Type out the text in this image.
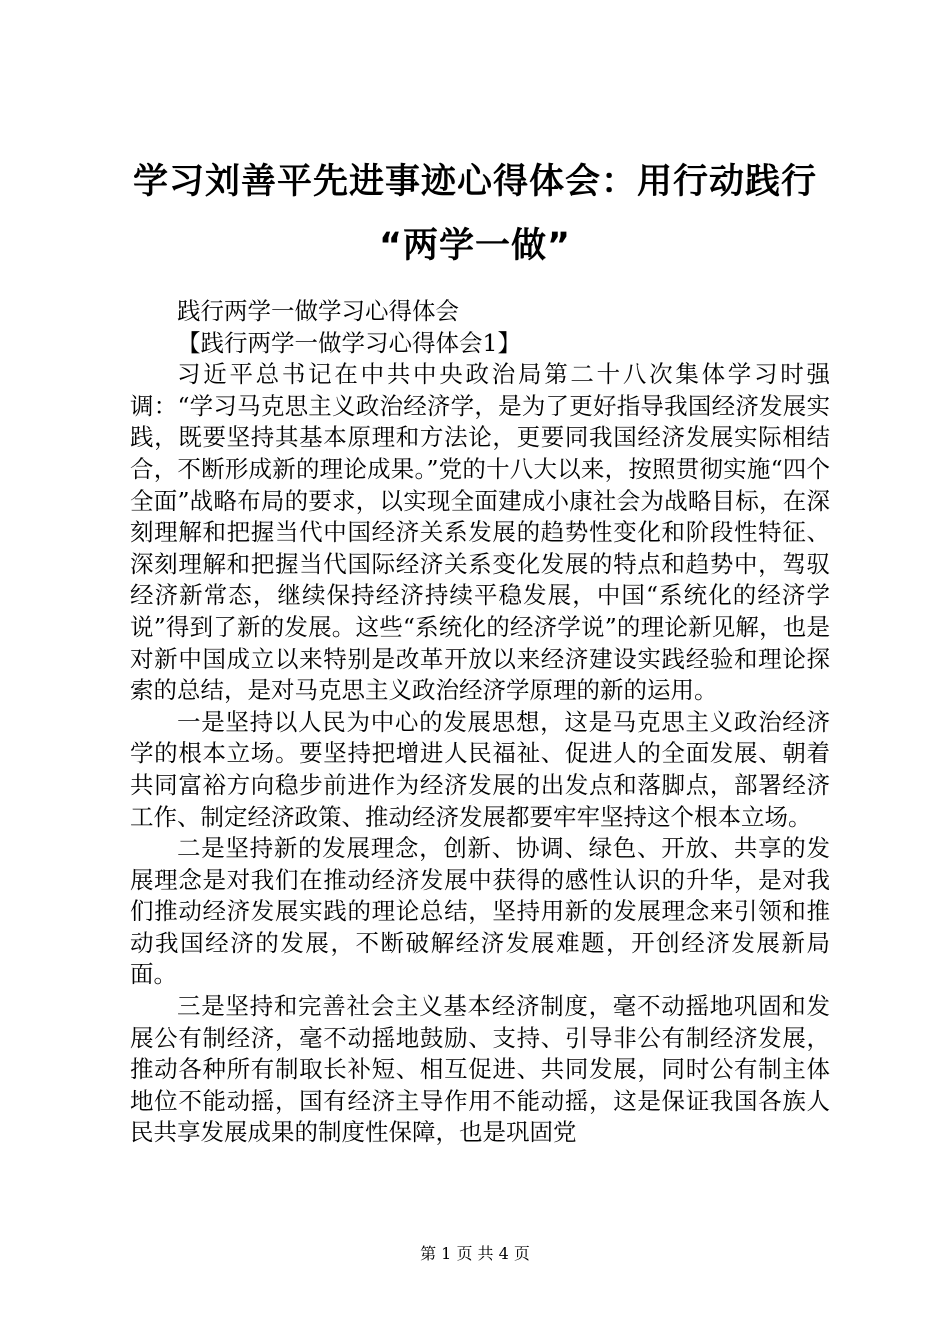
学习刘善平先进事迹心得体会：用行动践行
“两学一做”

践行两学一做学习心得体会

【践行两学一做学习心得体会1】

习近平总书记在中共中央政治局第二十八次集体学习时强调：“学习马克思主义政治经济学，是为了更好指导我国经济发展实践，既要坚持其基本原理和方法论，更要同我国经济发展实际相结合，不断形成新的理论成果。”党的十八大以来，按照贯彻实施“四个全面”战略布局的要求，以实现全面建成小康社会为战略目标，在深刻理解和把握当代中国经济关系发展的趋势性变化和阶段性特征、深刻理解和把握当代国际经济关系变化发展的特点和趋势中，驾驭经济新常态，继续保持经济持续平稳发展，中国“系统化的经济学说”得到了新的发展。这些“系统化的经济学说”的理论新见解，也是对新中国成立以来特别是改革开放以来经济建设实践经验和理论探索的总结，是对马克思主义政治经济学原理的新的运用。

一是坚持以人民为中心的发展思想，这是马克思主义政治经济学的根本立场。要坚持把增进人民福祉、促进人的全面发展、朝着共同富裕方向稳步前进作为经济发展的出发点和落脚点，部署经济工作、制定经济政策、推动经济发展都要牢牢坚持这个根本立场。

二是坚持新的发展理念，创新、协调、绿色、开放、共享的发展理念是对我们在推动经济发展中获得的感性认识的升华，是对我们推动经济发展实践的理论总结，坚持用新的发展理念来引领和推动我国经济的发展，不断破解经济发展难题，开创经济发展新局面。

三是坚持和完善社会主义基本经济制度，毫不动摇地巩固和发展公有制经济，毫不动摇地鼓励、支持、引导非公有制经济发展，推动各种所有制取长补短、相互促进、共同发展，同时公有制主体地位不能动摇，国有经济主导作用不能动摇，这是保证我国各族人民共享发展成果的制度性保障，也是巩固党

第 1 页 共 4 页
